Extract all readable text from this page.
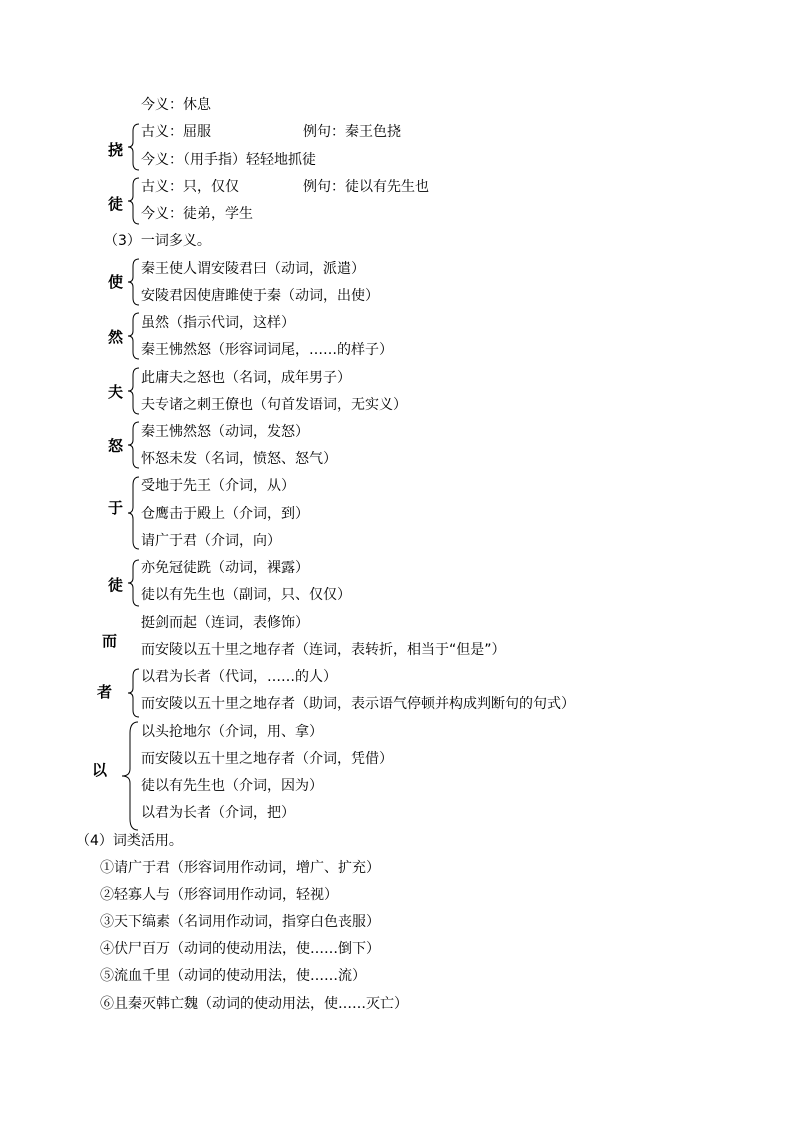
今义：休息
挠
古义：屈服	例句：秦王色挠
今义：（用手指）轻轻地抓徒
徒
古义：只，仅仅	例句：徒以有先生也
今义：徒弟，学生
（3）一词多义。
使
秦王使人谓安陵君曰（动词，派遣）
安陵君因使唐雎使于秦（动词，出使）
然
虽然（指示代词，这样）
秦王怫然怒（形容词词尾，……的样子）
夫
此庸夫之怒也（名词，成年男子）
夫专诸之刺王僚也（句首发语词，无实义）
怒
秦王怫然怒（动词，发怒）
怀怒未发（名词，愤怒、怒气）
于
受地于先王（介词，从）
仓鹰击于殿上（介词，到）
请广于君（介词，向）
徒
亦免冠徒跣（动词，裸露）
徒以有先生也（副词，只、仅仅）
而
挺剑而起（连词，表修饰）
而安陵以五十里之地存者（连词，表转折，相当于“但是”）
者
以君为长者（代词，……的人）
而安陵以五十里之地存者（助词，表示语气停顿并构成判断句的句式）
以
以头抢地尔（介词，用、拿）
而安陵以五十里之地存者（介词，凭借）
徒以有先生也（介词，因为）
以君为长者（介词，把）
（4）词类活用。
①请广于君（形容词用作动词，增广、扩充）
②轻寡人与（形容词用作动词，轻视）
③天下缟素（名词用作动词，指穿白色丧服）
④伏尸百万（动词的使动用法，使……倒下）
⑤流血千里（动词的使动用法，使……流）
⑥且秦灭韩亡魏（动词的使动用法，使……灭亡）
